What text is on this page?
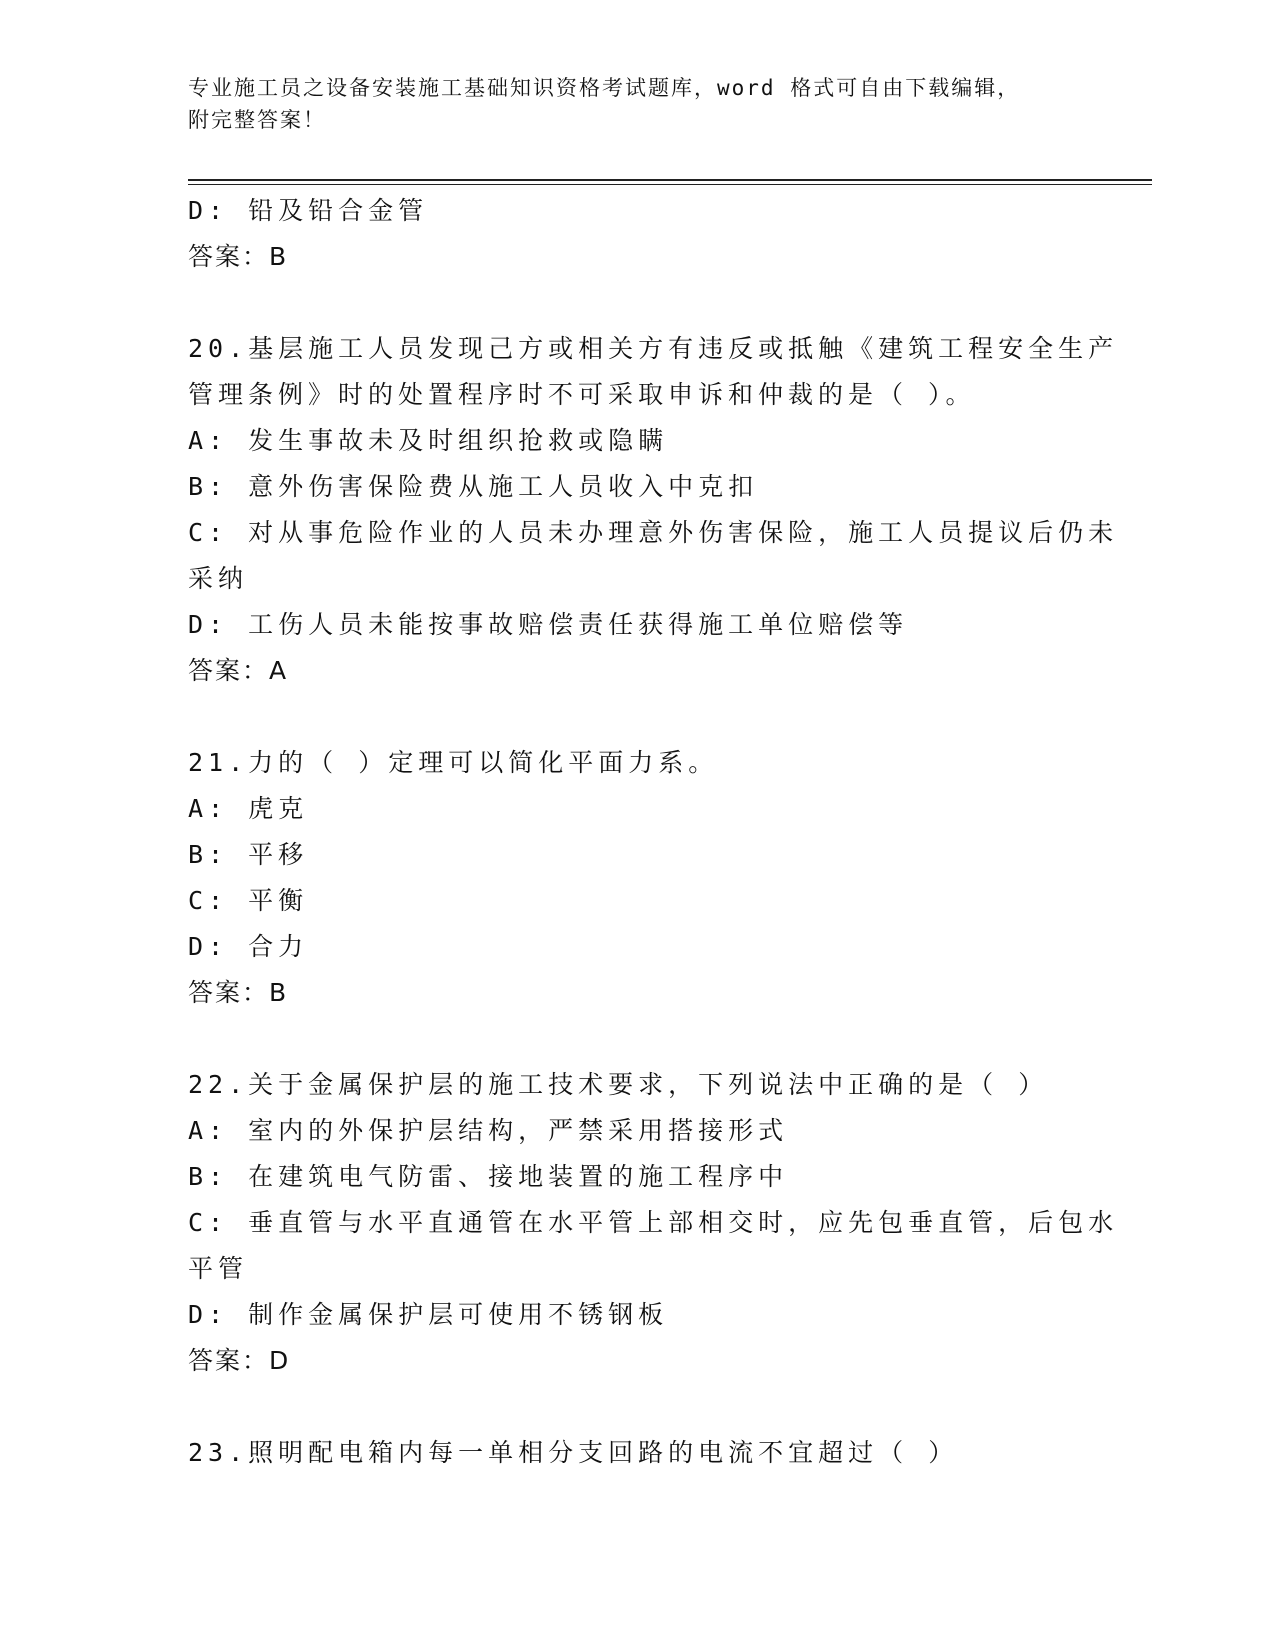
专业施工员之设备安装施工基础知识资格考试题库，word 格式可自由下载编辑，
附完整答案！
D: 铅及铅合金管
答案：B
20.基层施工人员发现己方或相关方有违反或抵触《建筑工程安全生产
管理条例》时的处置程序时不可采取申诉和仲裁的是（ ）。
A: 发生事故未及时组织抢救或隐瞒
B: 意外伤害保险费从施工人员收入中克扣
C: 对从事危险作业的人员未办理意外伤害保险，施工人员提议后仍未
采纳
D: 工伤人员未能按事故赔偿责任获得施工单位赔偿等
答案：A
21.力的（ ）定理可以简化平面力系。
A: 虎克
B: 平移
C: 平衡
D: 合力
答案：B
22.关于金属保护层的施工技术要求，下列说法中正确的是（ ）
A: 室内的外保护层结构，严禁采用搭接形式
B: 在建筑电气防雷、接地装置的施工程序中
C: 垂直管与水平直通管在水平管上部相交时，应先包垂直管，后包水
平管
D: 制作金属保护层可使用不锈钢板
答案：D
23.照明配电箱内每一单相分支回路的电流不宜超过（ ）
